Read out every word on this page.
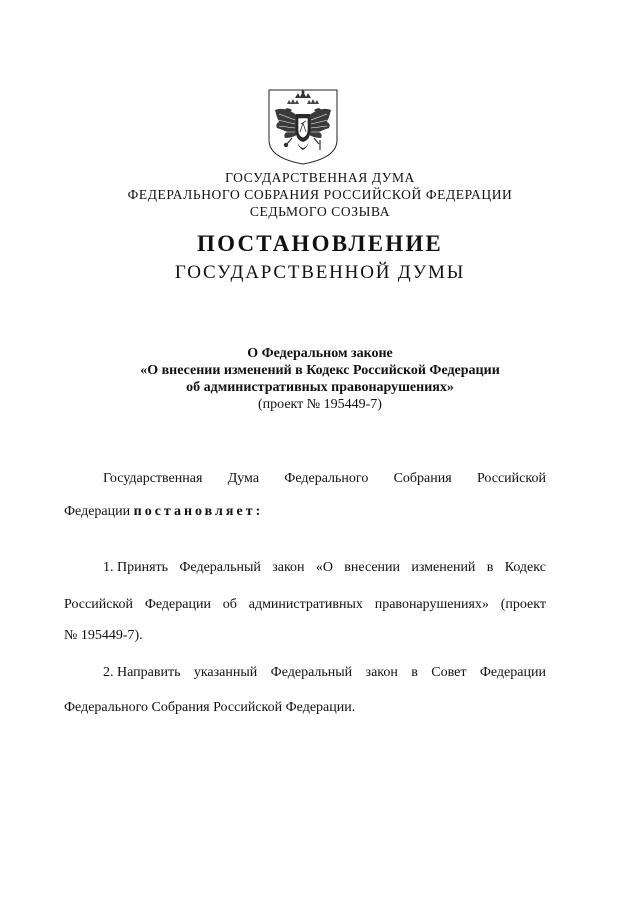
ГОСУДАРСТВЕННАЯ ДУМА
ФЕДЕРАЛЬНОГО СОБРАНИЯ РОССИЙСКОЙ ФЕДЕРАЦИИ
СЕДЬМОГО СОЗЫВА
ПОСТАНОВЛЕНИЕ
ГОСУДАРСТВЕННОЙ ДУМЫ
О Федеральном законе
«О внесении изменений в Кодекс Российской Федерации
об административных правонарушениях»
(проект № 195449-7)
Государственная Дума Федерального Собрания Российской
Федерации постановляет:
1. Принять Федеральный закон «О внесении изменений в Кодекс
Российской Федерации об административных правонарушениях» (проект
№ 195449-7).
2. Направить указанный Федеральный закон в Совет Федерации
Федерального Собрания Российской Федерации.
